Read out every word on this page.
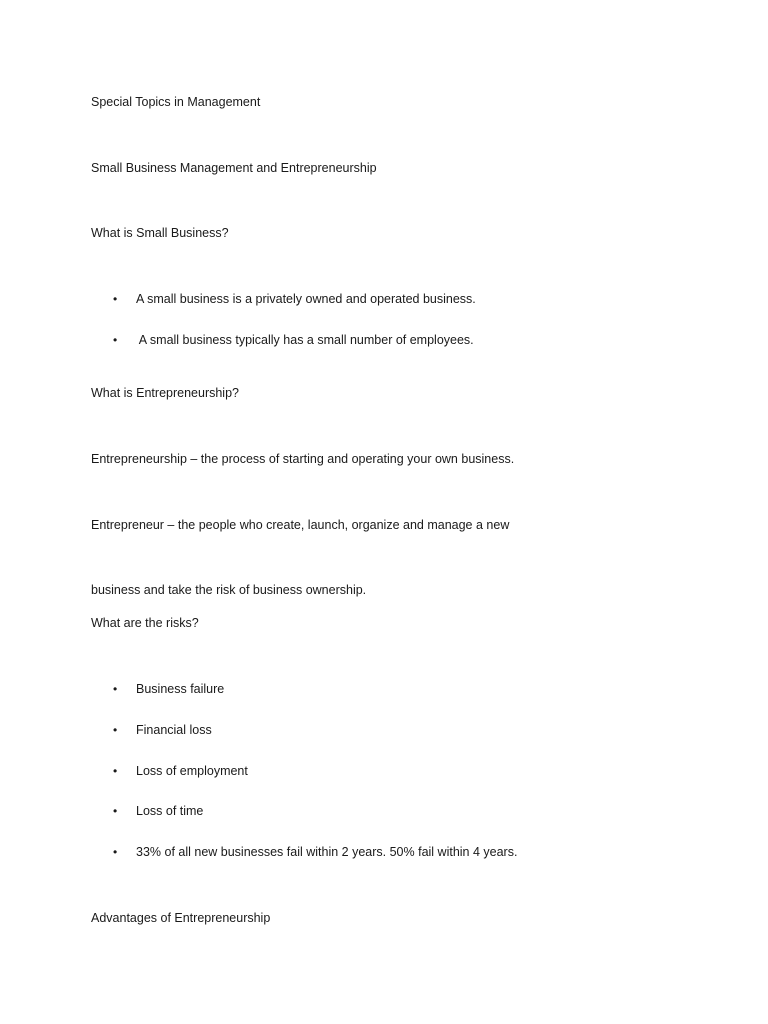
Special Topics in Management
Small Business Management and Entrepreneurship
What is Small Business?
•	A small business is a privately owned and operated business.
•	A small business typically has a small number of employees.
What is Entrepreneurship?
Entrepreneurship – the process of starting and operating your own business.
Entrepreneur – the people who create, launch, organize and manage a new
business and take the risk of business ownership.
What are the risks?
•	Business failure
•	Financial loss
•	Loss of employment
•	Loss of time
•	33% of all new businesses fail within 2 years. 50% fail within 4 years.
Advantages of Entrepreneurship
